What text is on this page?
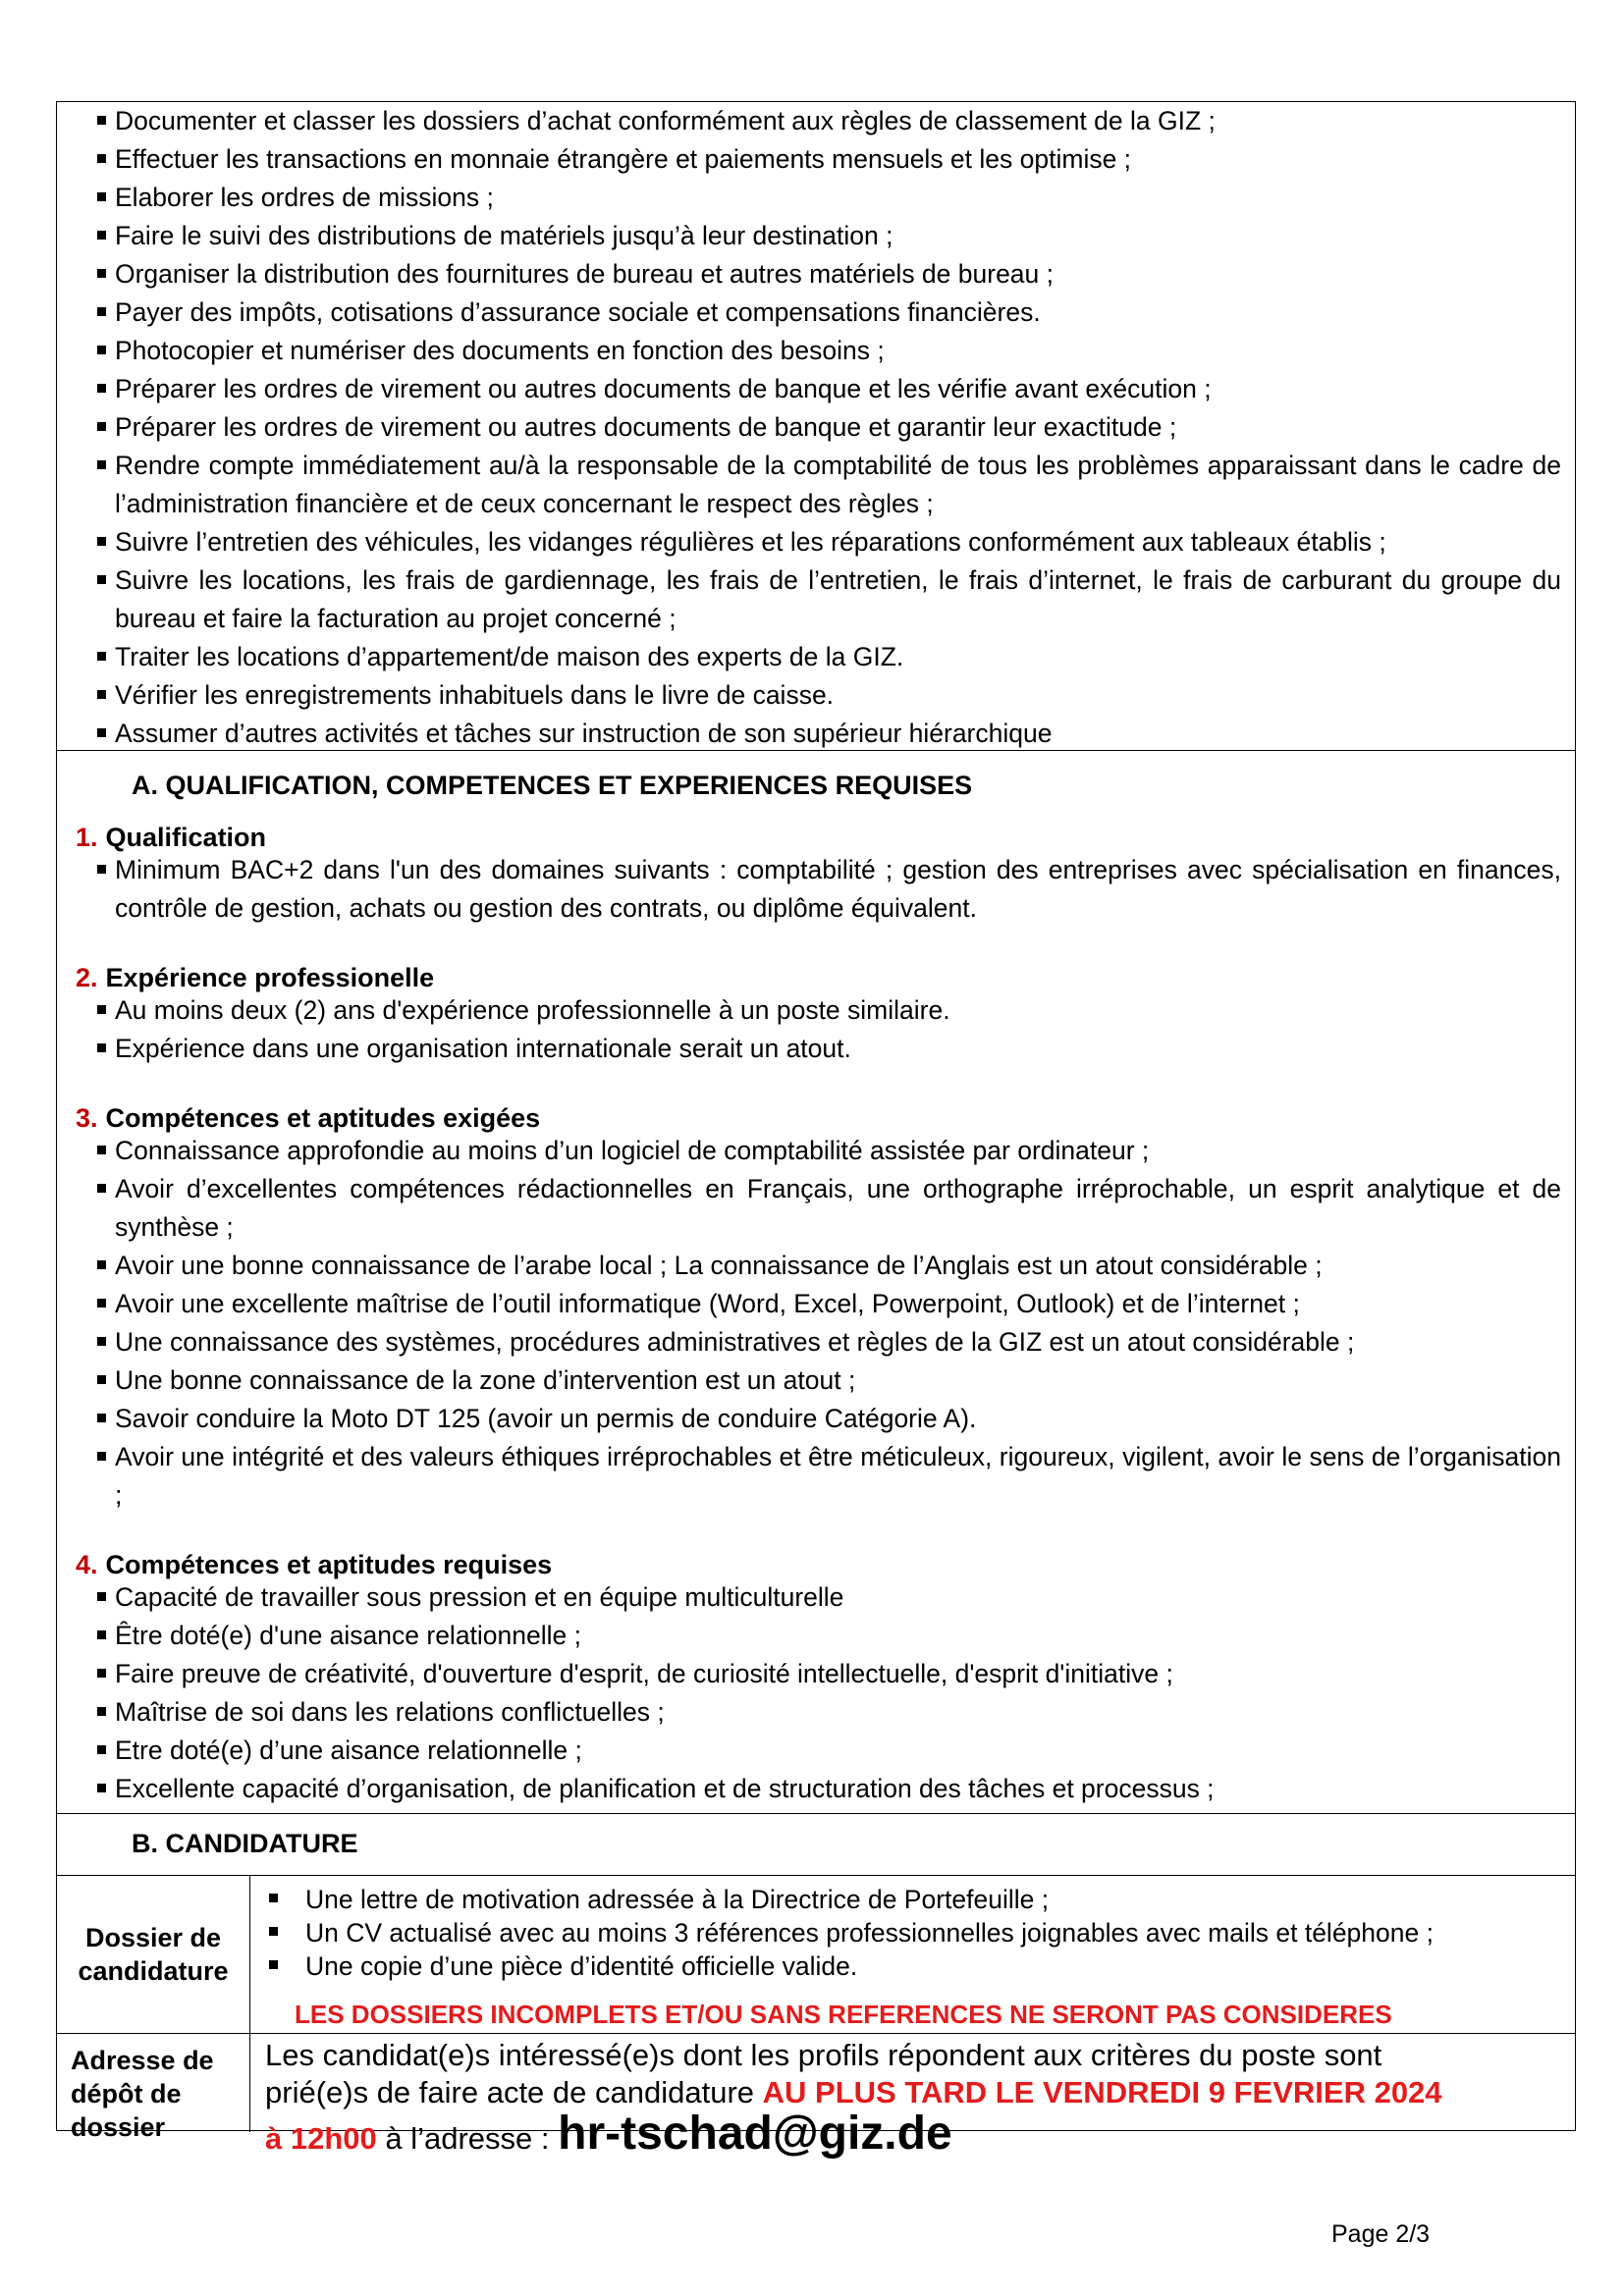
Documenter et classer les dossiers d’achat conformément aux règles de classement de la GIZ ;
Effectuer les transactions en monnaie étrangère et paiements mensuels et les optimise ;
Elaborer les ordres de missions ;
Faire le suivi des distributions de matériels jusqu’à leur destination ;
Organiser la distribution des fournitures de bureau et autres matériels de bureau ;
Payer des impôts, cotisations d’assurance sociale et compensations financières.
Photocopier et numériser des documents en fonction des besoins ;
Préparer les ordres de virement ou autres documents de banque et les vérifie avant exécution ;
Préparer les ordres de virement ou autres documents de banque et garantir leur exactitude ;
Rendre compte immédiatement au/à la responsable de la comptabilité de tous les problèmes apparaissant dans le cadre de l’administration financière et de ceux concernant le respect des règles ;
Suivre l’entretien des véhicules, les vidanges régulières et les réparations conformément aux tableaux établis ;
Suivre les locations, les frais de gardiennage, les frais de l’entretien, le frais d’internet, le frais de carburant du groupe du bureau et faire la facturation au projet concerné ;
Traiter les locations d’appartement/de maison des experts de la GIZ.
Vérifier les enregistrements inhabituels dans le livre de caisse.
Assumer d’autres activités et tâches sur instruction de son supérieur hiérarchique
A. QUALIFICATION, COMPETENCES ET EXPERIENCES REQUISES
1. Qualification
Minimum BAC+2 dans l'un des domaines suivants : comptabilité ; gestion des entreprises avec spécialisation en finances, contrôle de gestion, achats ou gestion des contrats, ou diplôme équivalent.
2. Expérience professionelle
Au moins deux (2) ans d'expérience professionnelle à un poste similaire.
Expérience dans une organisation internationale serait un atout.
3. Compétences et aptitudes exigées
Connaissance approfondie au moins d’un logiciel de comptabilité assistée par ordinateur ;
Avoir d’excellentes compétences rédactionnelles en Français, une orthographe irréprochable, un esprit analytique et de synthèse ;
Avoir une bonne connaissance de l’arabe local ; La connaissance de l’Anglais est un atout considérable ;
Avoir une excellente maîtrise de l’outil informatique (Word, Excel, Powerpoint, Outlook) et de l’internet ;
Une connaissance des systèmes, procédures administratives et règles de la GIZ est un atout considérable ;
Une bonne connaissance de la zone d’intervention est un atout ;
Savoir conduire la Moto DT 125 (avoir un permis de conduire Catégorie A).
Avoir une intégrité et des valeurs éthiques irréprochables et être méticuleux, rigoureux, vigilent, avoir le sens de l’organisation ;
4. Compétences et aptitudes requises
Capacité de travailler sous pression et en équipe multiculturelle
Être doté(e) d'une aisance relationnelle ;
Faire preuve de créativité, d'ouverture d'esprit, de curiosité intellectuelle, d'esprit d'initiative ;
Maîtrise de soi dans les relations conflictuelles ;
Etre doté(e) d’une aisance relationnelle ;
Excellente capacité d’organisation, de planification et de structuration des tâches et processus ;
B. CANDIDATURE
Dossier de
candidature
Une lettre de motivation adressée à la Directrice de Portefeuille ;
Un CV actualisé avec au moins 3 références professionnelles joignables avec mails et téléphone ;
Une copie d’une pièce d’identité officielle valide.
LES DOSSIERS INCOMPLETS ET/OU SANS REFERENCES NE SERONT PAS CONSIDERES
Adresse de
dépôt de
dossier
Les candidat(e)s intéressé(e)s dont les profils répondent aux critères du poste sont
prié(e)s de faire acte de candidature AU PLUS TARD LE VENDREDI 9 FEVRIER 2024
à 12h00 à l’adresse : hr-tschad@giz.de
Page 2/3
